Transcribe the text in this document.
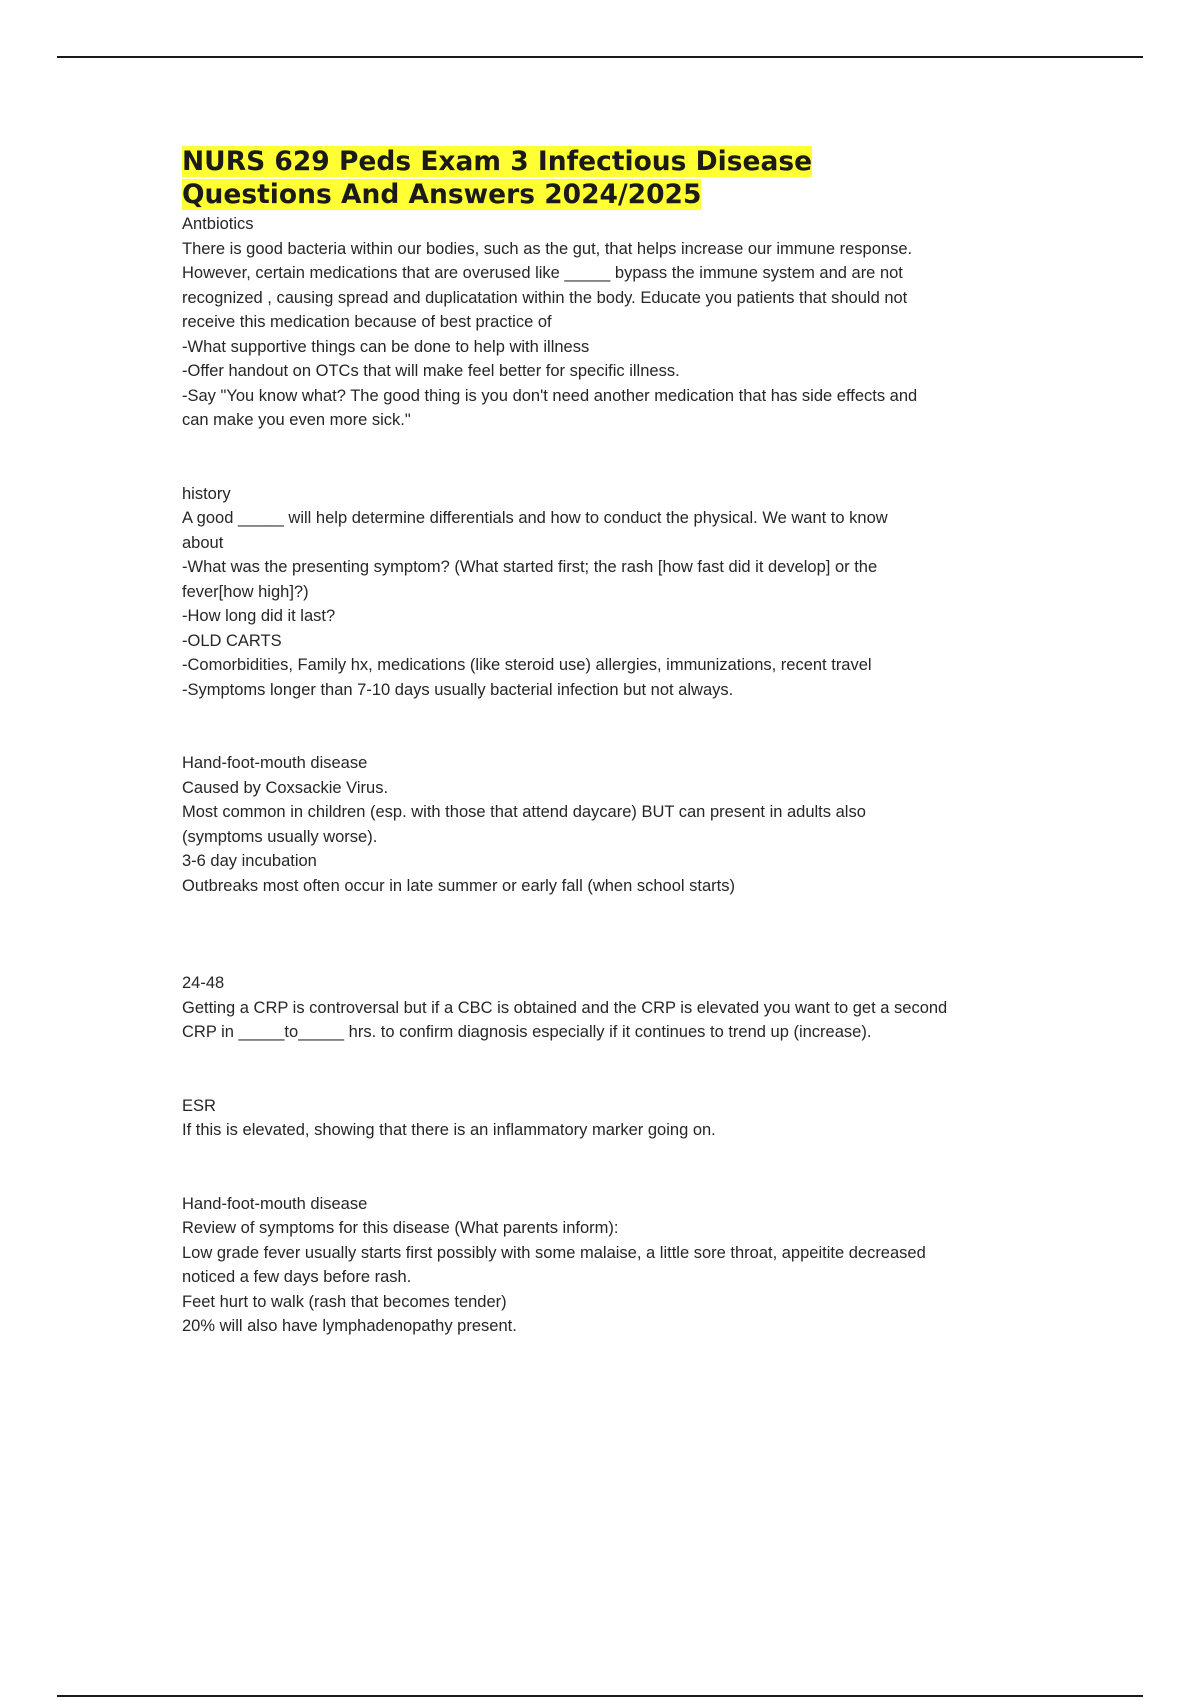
NURS 629 Peds Exam 3 Infectious Disease
Questions And Answers 2024/2025

Antbiotics

There is good bacteria within our bodies, such as the gut, that helps increase our immune response.

However, certain medications that are overused like _____ bypass the immune system and are not

recognized , causing spread and duplicatation within the body. Educate you patients that should not

receive this medication because of best practice of

-What supportive things can be done to help with illness

-Offer handout on OTCs that will make feel better for specific illness.

-Say "You know what? The good thing is you don't need another medication that has side effects and

can make you even more sick."

history

A good _____ will help determine differentials and how to conduct the physical. We want to know

about

-What was the presenting symptom? (What started first; the rash [how fast did it develop] or the

fever[how high]?)

-How long did it last?

-OLD CARTS

-Comorbidities, Family hx, medications (like steroid use) allergies, immunizations, recent travel

-Symptoms longer than 7-10 days usually bacterial infection but not always.

Hand-foot-mouth disease

Caused by Coxsackie Virus.

Most common in children (esp. with those that attend daycare) BUT can present in adults also

(symptoms usually worse).

3-6 day incubation

Outbreaks most often occur in late summer or early fall (when school starts)

24-48

Getting a CRP is controversal but if a CBC is obtained and the CRP is elevated you want to get a second

CRP in _____to_____ hrs. to confirm diagnosis especially if it continues to trend up (increase).

ESR

If this is elevated, showing that there is an inflammatory marker going on.

Hand-foot-mouth disease

Review of symptoms for this disease (What parents inform):

Low grade fever usually starts first possibly with some malaise, a little sore throat, appeitite decreased

noticed a few days before rash.

Feet hurt to walk (rash that becomes tender)

20% will also have lymphadenopathy present.
